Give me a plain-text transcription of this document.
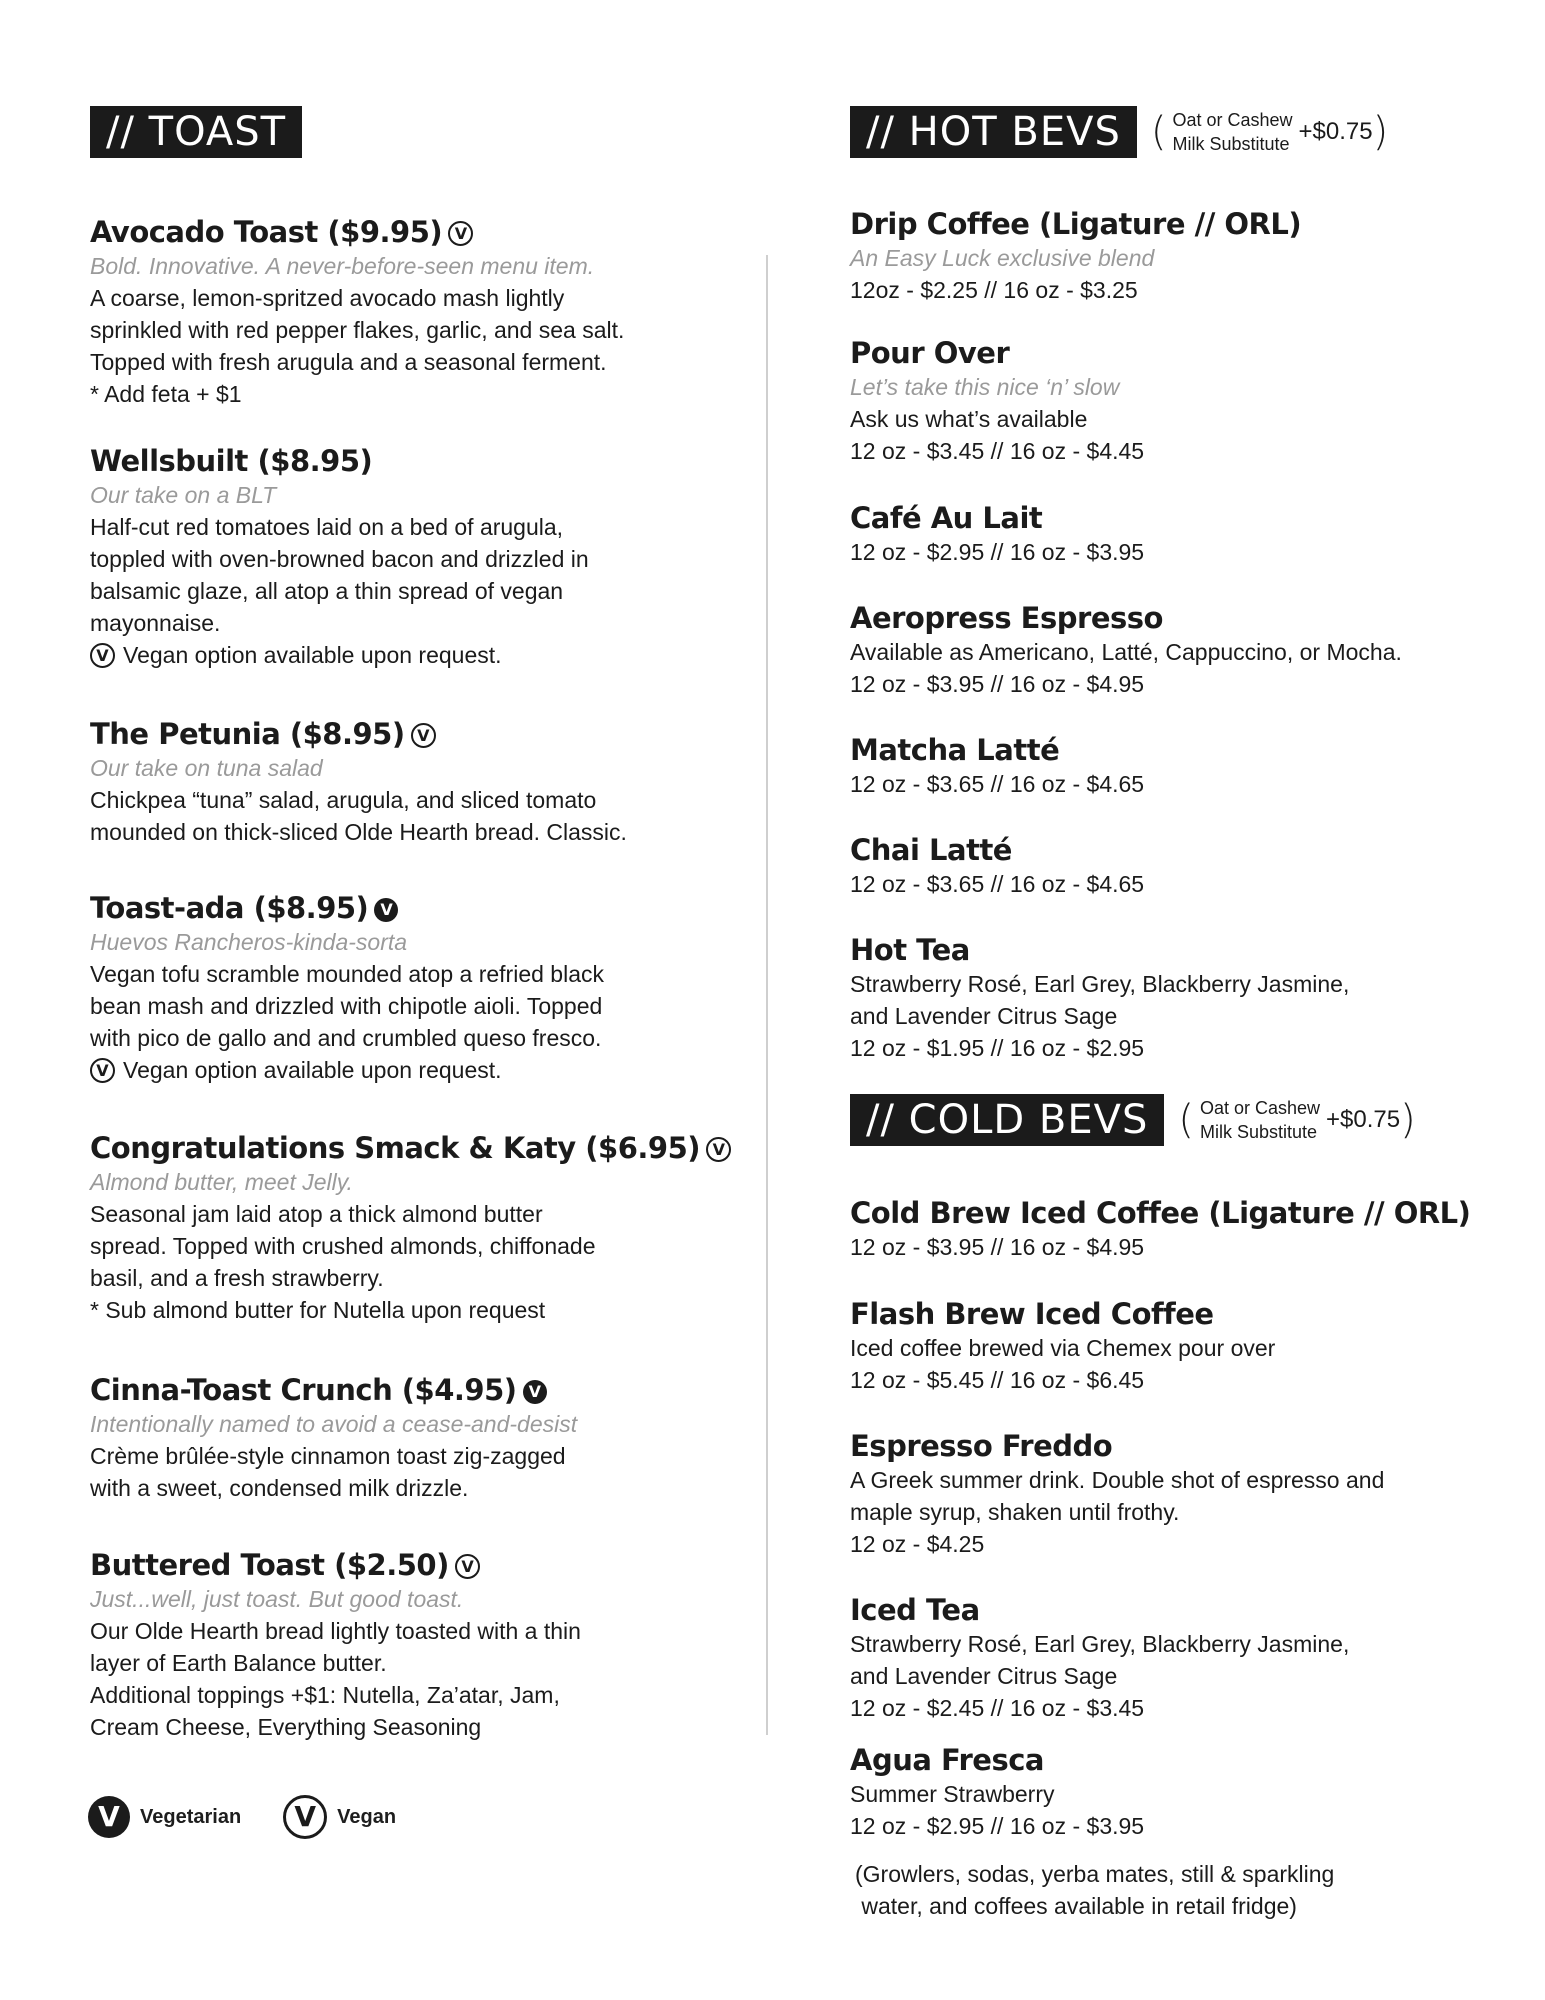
// TOAST
Avocado Toast ($9.95) V
Bold. Innovative. A never-before-seen menu item.
A coarse, lemon-spritzed avocado mash lightly
sprinkled with red pepper flakes, garlic, and sea salt.
Topped with fresh arugula and a seasonal ferment.
* Add feta + $1
Wellsbuilt ($8.95)
Our take on a BLT
Half-cut red tomatoes laid on a bed of arugula,
toppled with oven-browned bacon and drizzled in
balsamic glaze, all atop a thin spread of vegan
mayonnaise.
V Vegan option available upon request.
The Petunia ($8.95) V
Our take on tuna salad
Chickpea “tuna” salad, arugula, and sliced tomato
mounded on thick-sliced Olde Hearth bread. Classic.
Toast-ada ($8.95) V
Huevos Rancheros-kinda-sorta
Vegan tofu scramble mounded atop a refried black
bean mash and drizzled with chipotle aioli. Topped
with pico de gallo and and crumbled queso fresco.
V Vegan option available upon request.
Congratulations Smack & Katy ($6.95) V
Almond butter, meet Jelly.
Seasonal jam laid atop a thick almond butter
spread. Topped with crushed almonds, chiffonade
basil, and a fresh strawberry.
* Sub almond butter for Nutella upon request
Cinna-Toast Crunch ($4.95) V
Intentionally named to avoid a cease-and-desist
Crème brûlée-style cinnamon toast zig-zagged
with a sweet, condensed milk drizzle.
Buttered Toast ($2.50) V
Just...well, just toast. But good toast.
Our Olde Hearth bread lightly toasted with a thin
layer of Earth Balance butter.
Additional toppings +$1: Nutella, Za’atar, Jam,
Cream Cheese, Everything Seasoning
V	Vegetarian	V	Vegan
// HOT BEVS ( Oat or Cashew
Milk Substitute +$0.75 )
Drip Coffee (Ligature // ORL)
An Easy Luck exclusive blend
12oz - $2.25 // 16 oz - $3.25
Pour Over
Let’s take this nice ‘n’ slow
Ask us what’s available
12 oz - $3.45 // 16 oz - $4.45
Café Au Lait
12 oz - $2.95 // 16 oz - $3.95
Aeropress Espresso
Available as Americano, Latté, Cappuccino, or Mocha.
12 oz - $3.95 // 16 oz - $4.95
Matcha Latté
12 oz - $3.65 // 16 oz - $4.65
Chai Latté
12 oz - $3.65 // 16 oz - $4.65
Hot Tea
Strawberry Rosé, Earl Grey, Blackberry Jasmine,
and Lavender Citrus Sage
12 oz - $1.95 // 16 oz - $2.95
// COLD BEVS ( Oat or Cashew
Milk Substitute +$0.75 )
Cold Brew Iced Coffee (Ligature // ORL)
12 oz - $3.95 // 16 oz - $4.95
Flash Brew Iced Coffee
Iced coffee brewed via Chemex pour over
12 oz - $5.45 // 16 oz - $6.45
Espresso Freddo
A Greek summer drink. Double shot of espresso and
maple syrup, shaken until frothy.
12 oz - $4.25
Iced Tea
Strawberry Rosé, Earl Grey, Blackberry Jasmine,
and Lavender Citrus Sage
12 oz - $2.45 // 16 oz - $3.45
Agua Fresca
Summer Strawberry
12 oz - $2.95 // 16 oz - $3.95
(Growlers, sodas, yerba mates, still & sparkling
water, and coffees available in retail fridge)
